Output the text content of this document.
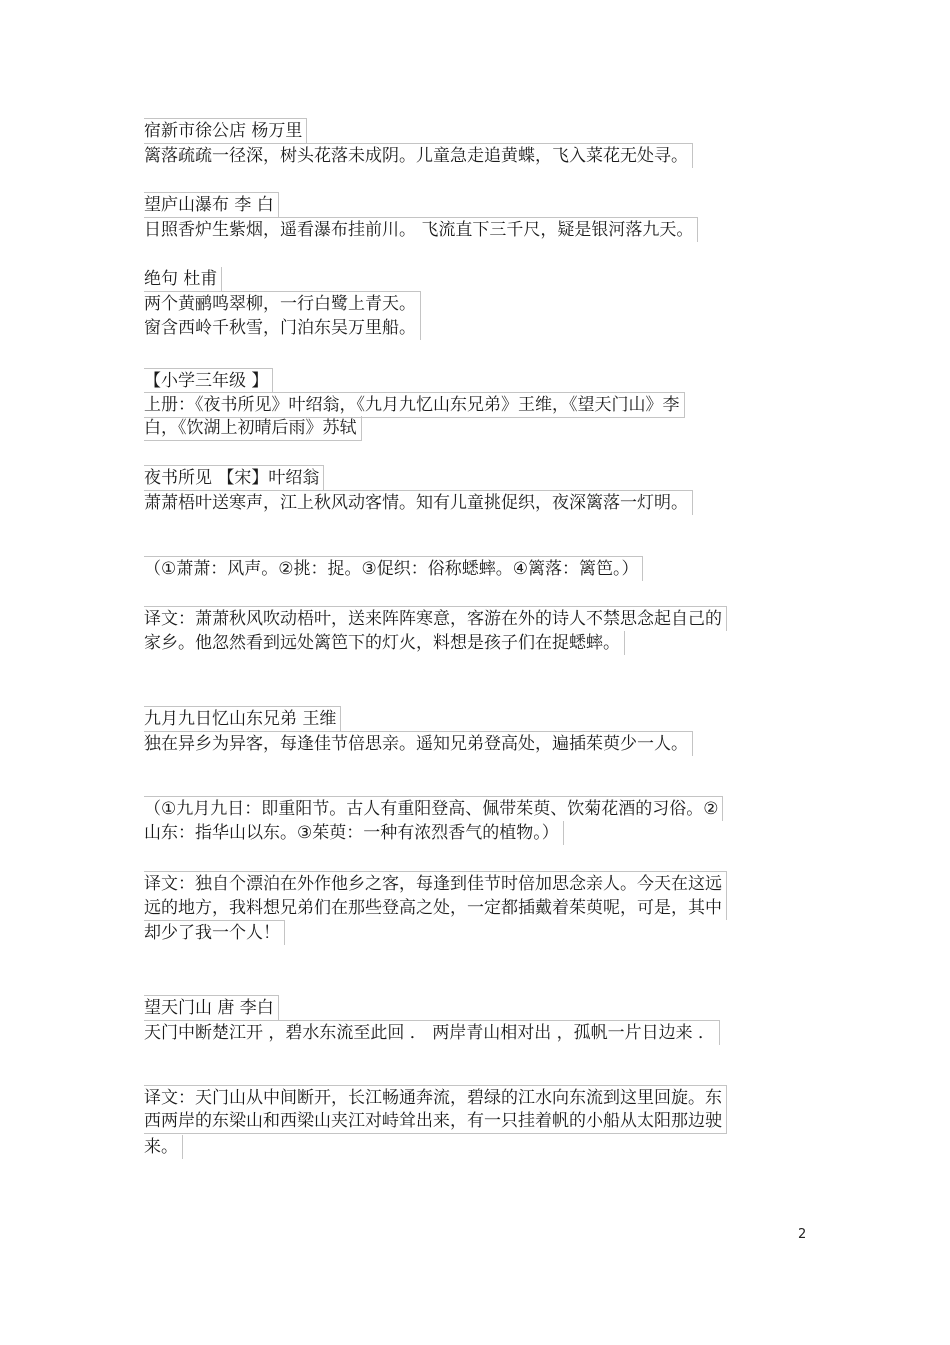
宿新市徐公店 杨万里
篱落疏疏一径深，树头花落未成阴。儿童急走追黄蝶，飞入菜花无处寻。
望庐山瀑布 李 白
日照香炉生紫烟，遥看瀑布挂前川。 飞流直下三千尺，疑是银河落九天。
绝句 杜甫
两个黄鹂鸣翠柳，一行白鹭上青天。
窗含西岭千秋雪，门泊东吴万里船。
【小学三年级 】
上册：《夜书所见》叶绍翁，《九月九忆山东兄弟》王维，《望天门山》李
白，《饮湖上初晴后雨》苏轼
夜书所见 【宋】叶绍翁
萧萧梧叶送寒声，江上秋风动客情。知有儿童挑促织，夜深篱落一灯明。
（①萧萧：风声。②挑：捉。③促织：俗称蟋蟀。④篱落：篱笆。）
译文：萧萧秋风吹动梧叶，送来阵阵寒意，客游在外的诗人不禁思念起自己的
家乡。他忽然看到远处篱笆下的灯火，料想是孩子们在捉蟋蟀。
九月九日忆山东兄弟 王维
独在异乡为异客，每逢佳节倍思亲。遥知兄弟登高处，遍插茱萸少一人。
（①九月九日：即重阳节。古人有重阳登高、佩带茱萸、饮菊花酒的习俗。②
山东：指华山以东。③茱萸：一种有浓烈香气的植物。）
译文：独自个漂泊在外作他乡之客，每逢到佳节时倍加思念亲人。今天在这远
远的地方，我料想兄弟们在那些登高之处，一定都插戴着茱萸呢，可是，其中
却少了我一个人！
望天门山 唐 李白
天门中断楚江开 ，碧水东流至此回 ． 两岸青山相对出 ，孤帆一片日边来 ．
译文：天门山从中间断开，长江畅通奔流，碧绿的江水向东流到这里回旋。东
西两岸的东梁山和西梁山夹江对峙耸出来，有一只挂着帆的小船从太阳那边驶
来。
2
